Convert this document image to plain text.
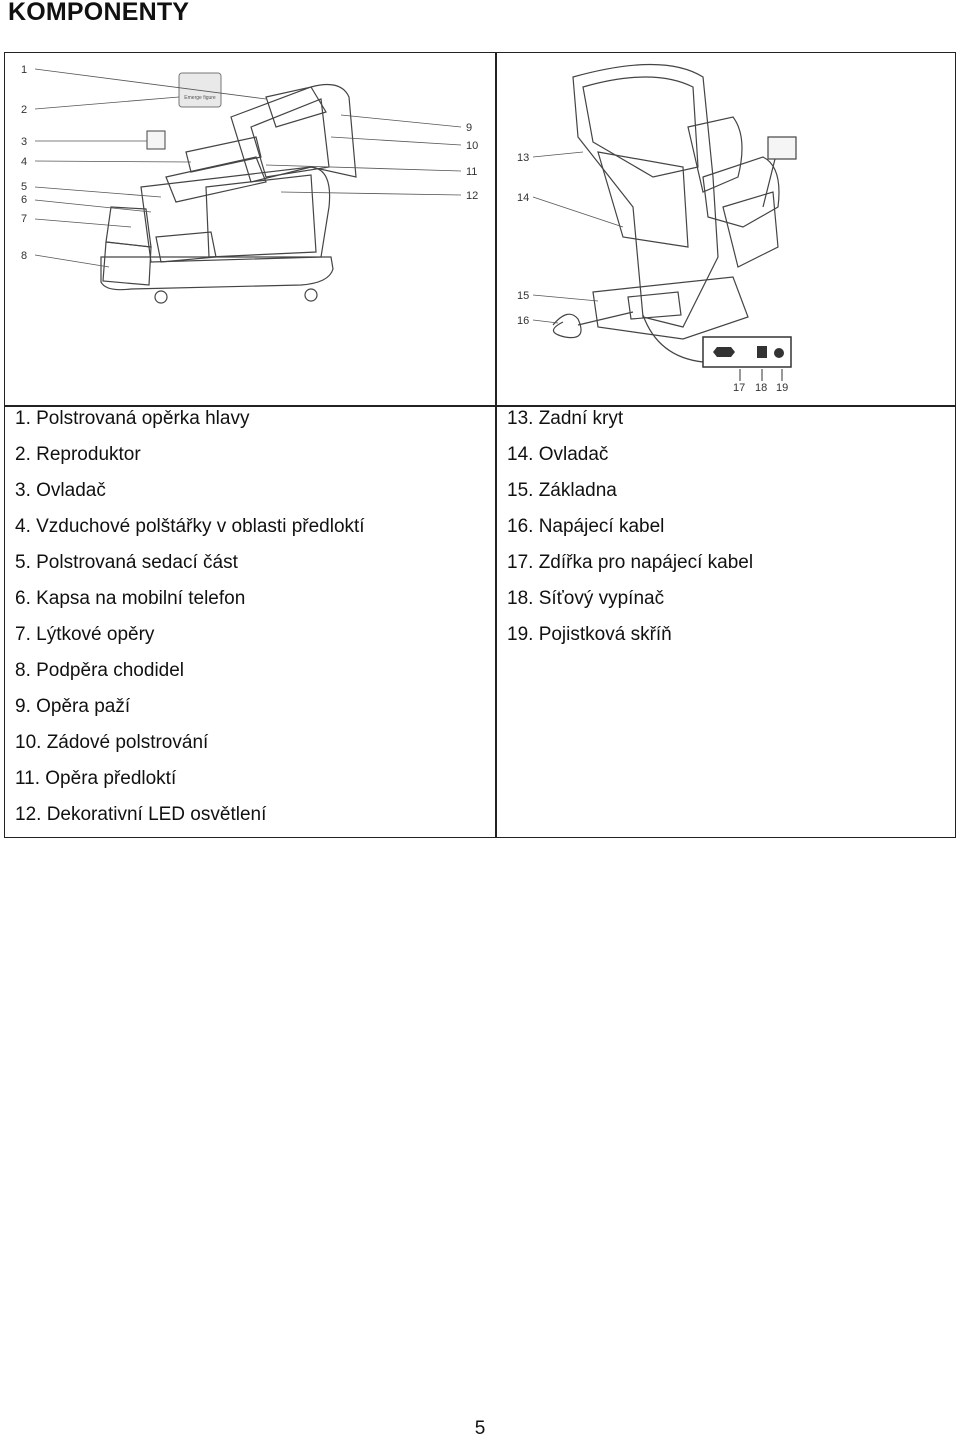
KOMPONENTY
Emerge figure
1
2
3
4
5
6
7
8
9
10
11
12
13
14
15
16
17 18 19
1. Polstrovaná opěrka hlavy
2. Reproduktor
3. Ovladač
4. Vzduchové polštářky v oblasti předloktí
5. Polstrovaná sedací část
6. Kapsa na mobilní telefon
7. Lýtkové opěry
8. Podpěra chodidel
9. Opěra paží
10. Zádové polstrování
11. Opěra předloktí
12. Dekorativní LED osvětlení
13. Zadní kryt
14. Ovladač
15. Základna
16. Napájecí kabel
17. Zdířka pro napájecí kabel
18. Síťový vypínač
19. Pojistková skříň
5
